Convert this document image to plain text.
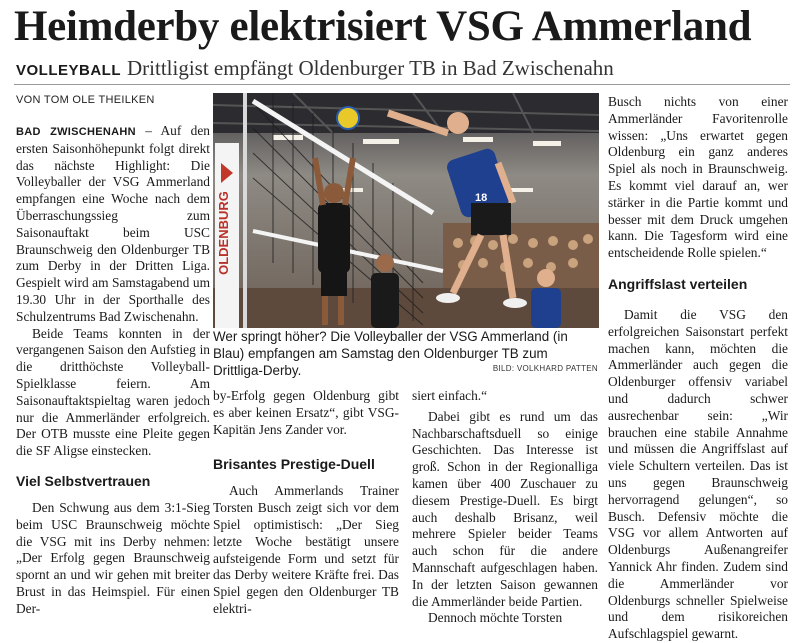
Heimderby elektrisiert VSG Ammerland
VOLLEYBALL Drittligist empfängt Oldenburger TB in Bad Zwischenahn
VON TOM OLE THEILKEN

BAD ZWISCHENAHN – Auf den ersten Saisonhöhepunkt folgt direkt das nächste Highlight: Die Volleyballer der VSG Ammerland empfangen eine Woche nach dem Überraschungssieg zum Saisonauftakt beim USC Braunschweig den Oldenburger TB zum Derby in der Dritten Liga. Gespielt wird am Samstagabend um 19.30 Uhr in der Sporthalle des Schulzentrums Bad Zwischenahn.

Beide Teams konnten in der vergangenen Saison den Aufstieg in die dritthöchste Volleyball-Spielklasse feiern. Am Saisonauftaktspieltag waren jedoch nur die Ammerländer erfolgreich. Der OTB musste eine Pleite gegen die SF Aligse einstecken.

Viel Selbstvertrauen

Den Schwung aus dem 3:1-Sieg beim USC Braunschweig möchte die VSG mit ins Derby nehmen: „Der Erfolg gegen Braunschweig spornt an und wir gehen mit breiter Brust in das Heimspiel. Für einen Der-

OLDENBURG	18
Wer springt höher? Die Volleyballer der VSG Ammerland (in Blau) empfangen am Samstag den Oldenburger TB zum Drittliga-Derby.	BILD: VOLKHARD PATTEN

by-Erfolg gegen Oldenburg gibt es aber keinen Ersatz“, gibt VSG-Kapitän Jens Zander vor.

Brisantes Prestige-Duell

Auch Ammerlands Trainer Torsten Busch zeigt sich vor dem Spiel optimistisch: „Der Sieg letzte Woche bestätigt unsere aufsteigende Form und setzt für das Derby weitere Kräfte frei. Das Spiel gegen den Oldenburger TB elektri-

siert einfach.“

Dabei gibt es rund um das Nachbarschaftsduell so einige Geschichten. Das Interesse ist groß. Schon in der Regionalliga kamen über 400 Zuschauer zu diesem Prestige-Duell. Es birgt auch deshalb Brisanz, weil mehrere Spieler beider Teams auch schon für die andere Mannschaft aufgeschlagen haben. In der letzten Saison gewannen die Ammerländer beide Partien.

Dennoch möchte Torsten

Busch nichts von einer Ammerländer Favoritenrolle wissen: „Uns erwartet gegen Oldenburg ein ganz anderes Spiel als noch in Braunschweig. Es kommt viel darauf an, wer stärker in die Partie kommt und besser mit dem Druck umgehen kann. Die Tagesform wird eine entscheidende Rolle spielen.“

Angriffslast verteilen

Damit die VSG den erfolgreichen Saisonstart perfekt machen kann, möchten die Ammerländer auch gegen die Oldenburger offensiv variabel und dadurch schwer ausrechenbar sein: „Wir brauchen eine stabile Annahme und müssen die Angriffslast auf viele Schultern verteilen. Das ist uns gegen Braunschweig hervorragend gelungen“, so Busch. Defensiv möchte die VSG vor allem Antworten auf Oldenburgs Außenangreifer Yannick Ahr finden. Zudem sind die Ammerländer vor Oldenburgs schneller Spielweise und dem risikoreichen Aufschlagspiel gewarnt.
